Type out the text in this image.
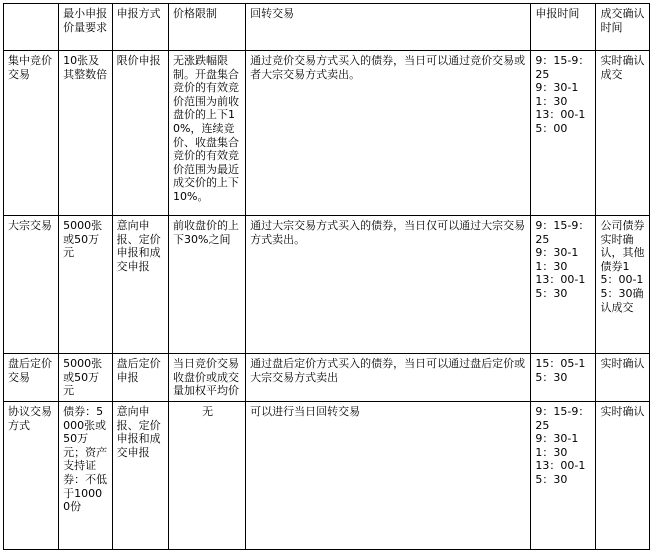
	最小申报价量要求	申报方式	价格限制	回转交易	申报时间	成交确认时间
集中竞价交易	10张及其整数倍	限价申报	无涨跌幅限制。开盘集合竞价的有效竞价范围为前收盘价的上下10%，连续竞价、收盘集合竞价的有效竞价范围为最近成交价的上下10%。	通过竞价交易方式买入的债券，当日可以通过竞价交易或者大宗交易方式卖出。	9：15-9：25
9：30-11：30
13：00-15：00	实时确认成交
大宗交易	5000张或50万元	意向申报、定价申报和成交申报	前收盘价的上下30%之间	通过大宗交易方式买入的债券，当日仅可以通过大宗交易方式卖出。	9：15-9：25
9：30-11：30
13：00-15：30	公司债券实时确认，其他债券15：00-15：30确认成交
盘后定价交易	5000张或50万元	盘后定价申报	当日竞价交易收盘价或成交量加权平均价	通过盘后定价方式买入的债券，当日可以通过盘后定价或大宗交易方式卖出	15：05-15：30	实时确认
协议交易方式	债券：5000张或50万元；资产支持证券：不低于10000份	意向申报、定价申报和成交申报	无	可以进行当日回转交易	9：15-9：25
9：30-11：30
13：00-15：30	实时确认
